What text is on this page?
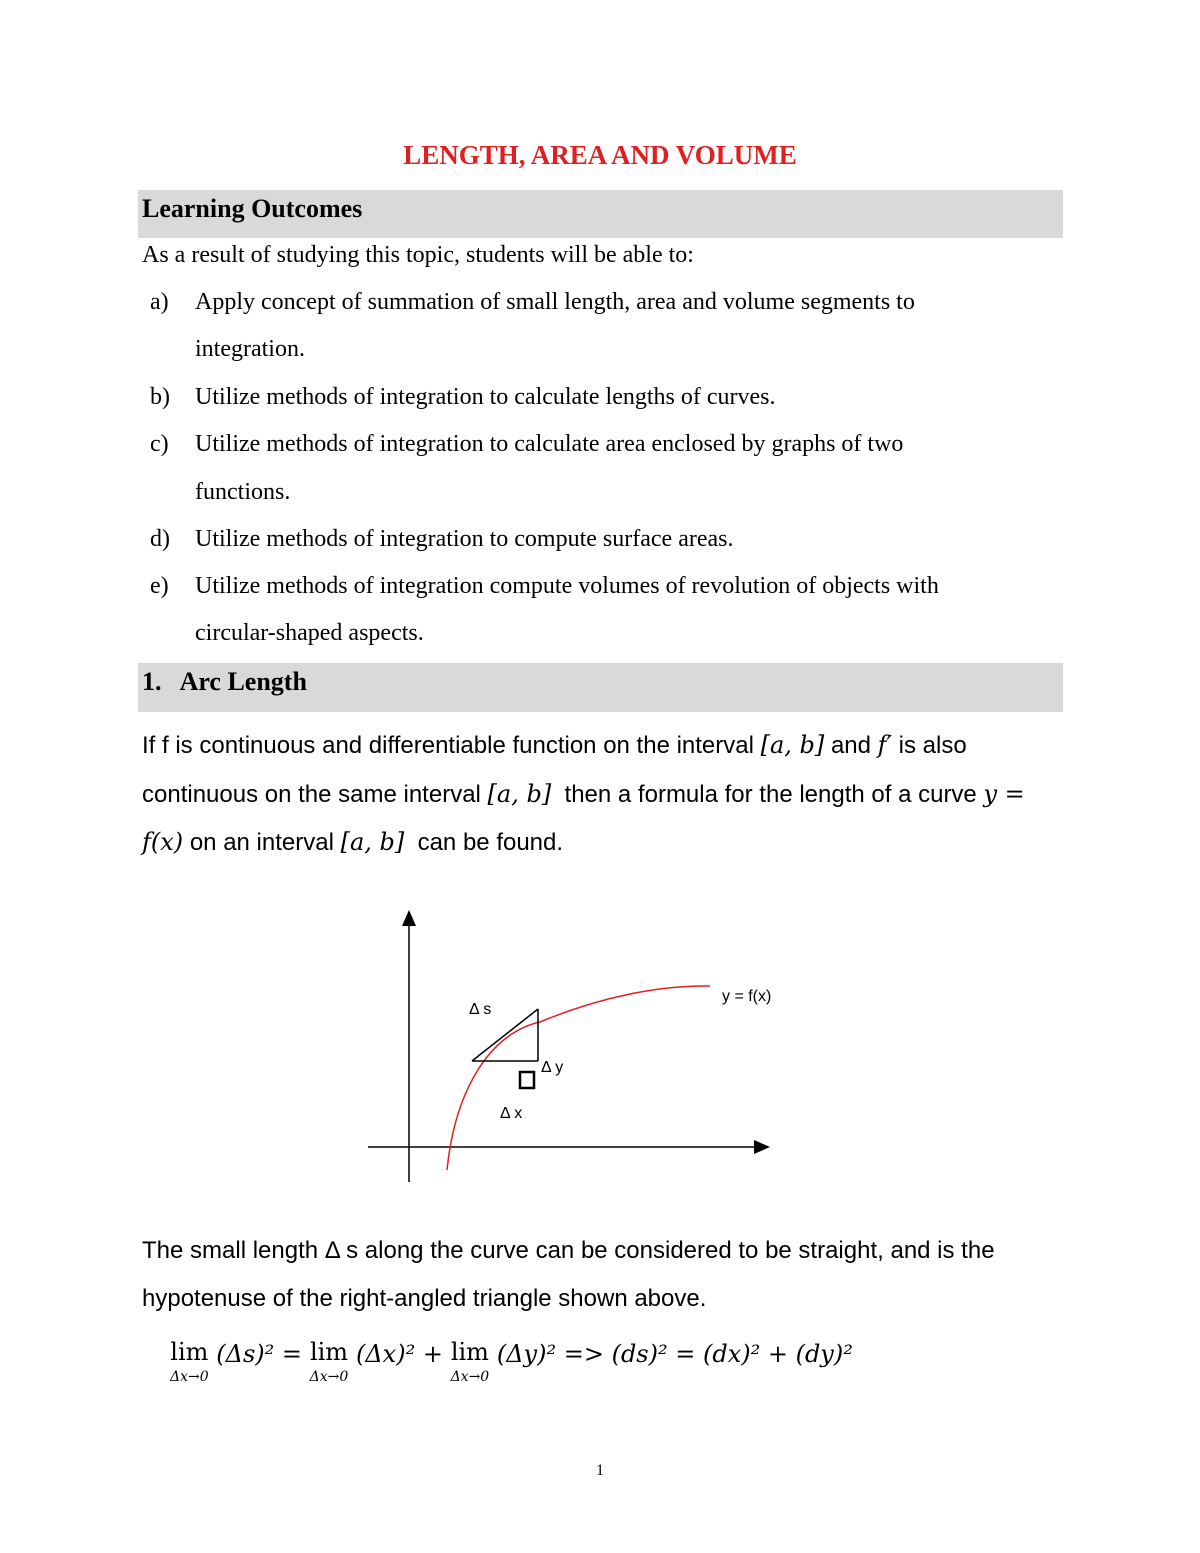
LENGTH, AREA AND VOLUME
Learning Outcomes
As a result of studying this topic, students will be able to:
a) Apply concept of summation of small length, area and volume segments to
integration.
b) Utilize methods of integration to calculate lengths of curves.
c) Utilize methods of integration to calculate area enclosed by graphs of two
functions.
d) Utilize methods of integration to compute surface areas.
e) Utilize methods of integration compute volumes of revolution of objects with
circular-shaped aspects.
1.   Arc Length
If f is continuous and differentiable function on the interval [a, b] and f′ is also
continuous on the same interval [a, b]  then a formula for the length of a curve y =
f(x) on an interval [a, b]  can be found.
Δ s
Δ y
Δ x
y = f(x)
The small length Δ s along the curve can be considered to be straight, and is the
hypotenuse of the right-angled triangle shown above.
lim
Δx→0
(Δs)² = lim
Δx→0
(Δx)² + lim
Δx→0
(Δy)² => (ds)² = (dx)² + (dy)²
1
